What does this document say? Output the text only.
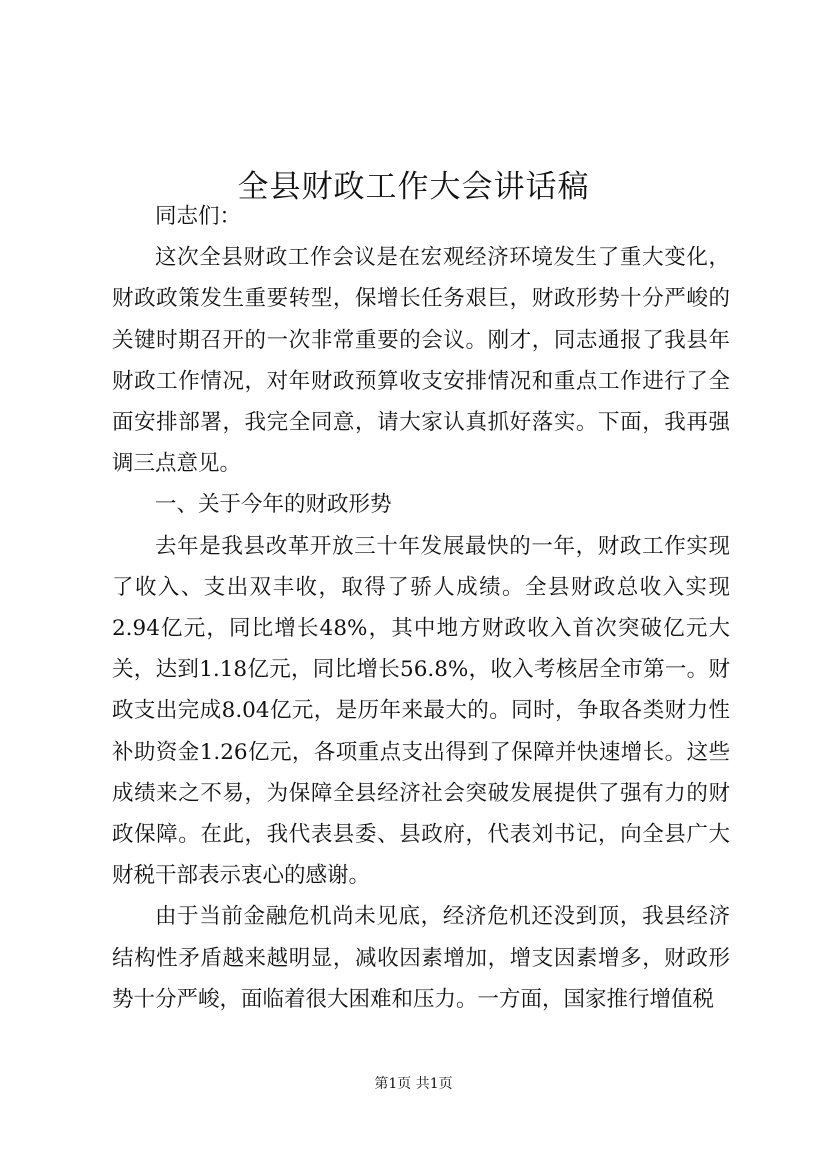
全县财政工作大会讲话稿

同志们：

这次全县财政工作会议是在宏观经济环境发生了重大变化，财政政策发生重要转型，保增长任务艰巨，财政形势十分严峻的关键时期召开的一次非常重要的会议。刚才，同志通报了我县年财政工作情况，对年财政预算收支安排情况和重点工作进行了全面安排部署，我完全同意，请大家认真抓好落实。下面，我再强调三点意见。

一、关于今年的财政形势

去年是我县改革开放三十年发展最快的一年，财政工作实现了收入、支出双丰收，取得了骄人成绩。全县财政总收入实现2.94亿元，同比增长48%，其中地方财政收入首次突破亿元大关，达到1.18亿元，同比增长56.8%，收入考核居全市第一。财政支出完成8.04亿元，是历年来最大的。同时，争取各类财力性补助资金1.26亿元，各项重点支出得到了保障并快速增长。这些成绩来之不易，为保障全县经济社会突破发展提供了强有力的财政保障。在此，我代表县委、县政府，代表刘书记，向全县广大财税干部表示衷心的感谢。

由于当前金融危机尚未见底，经济危机还没到顶，我县经济结构性矛盾越来越明显，减收因素增加，增支因素增多，财政形势十分严峻，面临着很大困难和压力。一方面，国家推行增值税

第1页 共1页
